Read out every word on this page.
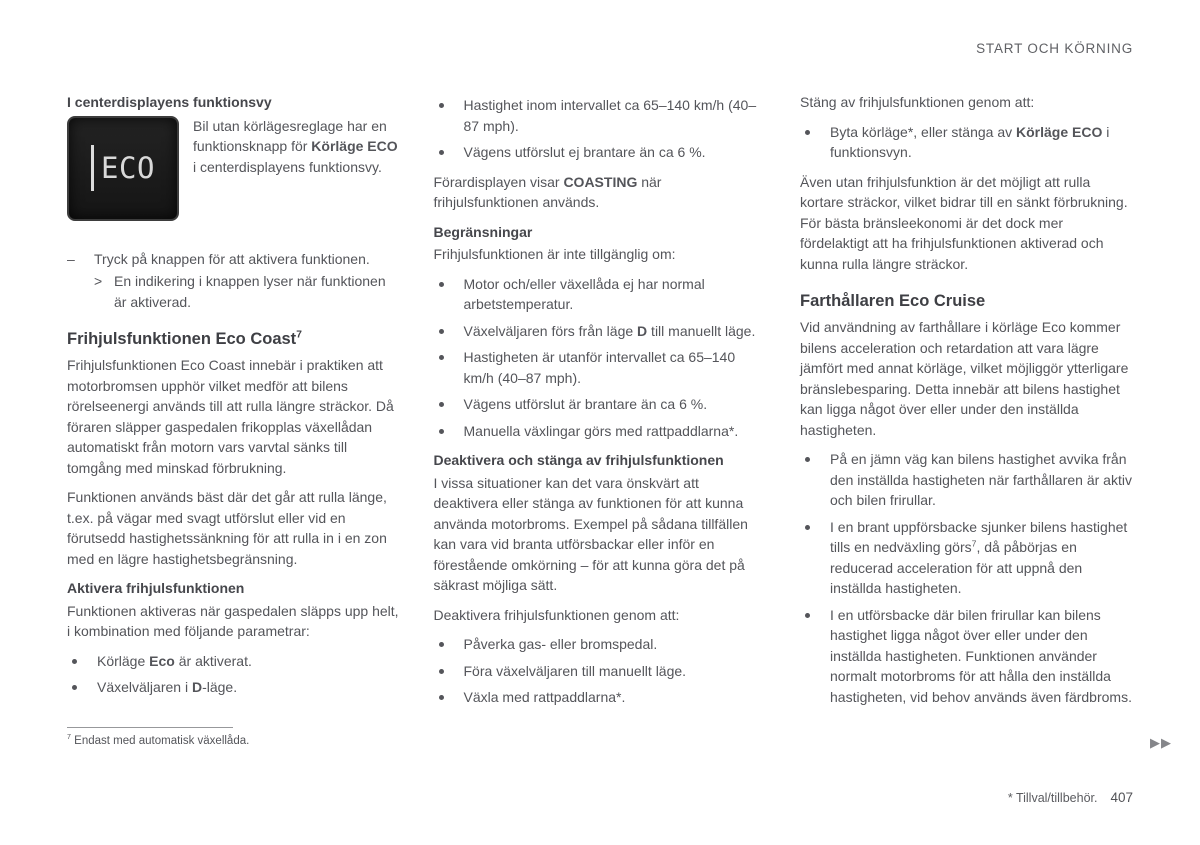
START OCH KÖRNING
I centerdisplayens funktionsvy
ECO
Bil utan körlägesreglage har en funktionsknapp för Körläge ECO i centerdisplayens funktionsvy.
–	Tryck på knappen för att aktivera funktionen.
> En indikering i knappen lyser när funktionen är aktiverad.
Frihjulsfunktionen Eco Coast$^7$

Frihjulsfunktionen Eco Coast innebär i praktiken att motorbromsen upphör vilket medför att bilens rörelseenergi används till att rulla längre sträckor. Då föraren släpper gaspedalen frikopplas växellådan automatiskt från motorn vars varvtal sänks till tomgång med minskad förbrukning.

Funktionen används bäst där det går att rulla länge, t.ex. på vägar med svagt utförslut eller vid en förutsedd hastighetssänkning för att rulla in i en zon med en lägre hastighetsbegränsning.

Aktivera frihjulsfunktionen

Funktionen aktiveras när gaspedalen släpps upp helt, i kombination med följande parametrar:

Körläge Eco är aktiverat.
Växelväljaren i D-läge.
Hastighet inom intervallet ca 65–140 km/h (40–87 mph).
Vägens utförslut ej brantare än ca 6 %.

Förardisplayen visar COASTING när frihjulsfunktionen används.

Begränsningar

Frihjulsfunktionen är inte tillgänglig om:

Motor och/eller växellåda ej har normal arbetstemperatur.
Växelväljaren förs från läge D till manuellt läge.
Hastigheten är utanför intervallet ca 65–140 km/h (40–87 mph).
Vägens utförslut är brantare än ca 6 %.
Manuella växlingar görs med rattpaddlarna*.
Deaktivera och stänga av frihjulsfunktionen

I vissa situationer kan det vara önskvärt att deaktivera eller stänga av funktionen för att kunna använda motorbroms. Exempel på sådana tillfällen kan vara vid branta utförsbackar eller inför en förestående omkörning – för att kunna göra det på säkrast möjliga sätt.

Deaktivera frihjulsfunktionen genom att:

Påverka gas- eller bromspedal.
Föra växelväljaren till manuellt läge.
Växla med rattpaddlarna*.

Stäng av frihjulsfunktionen genom att:

Byta körläge*, eller stänga av Körläge ECO i funktionsvyn.

Även utan frihjulsfunktion är det möjligt att rulla kortare sträckor, vilket bidrar till en sänkt förbrukning. För bästa bränsleekonomi är det dock mer fördelaktigt att ha frihjulsfunktionen aktiverad och kunna rulla längre sträckor.

Farthållaren Eco Cruise

Vid användning av farthållare i körläge Eco kommer bilens acceleration och retardation att vara lägre jämfört med annat körläge, vilket möjliggör ytterligare bränslebesparing. Detta innebär att bilens hastighet kan ligga något över eller under den inställda hastigheten.

På en jämn väg kan bilens hastighet avvika från den inställda hastigheten när farthållaren är aktiv och bilen frirullar.
I en brant uppförsbacke sjunker bilens hastighet tills en nedväxling görs$^7$, då påbörjas en reducerad acceleration för att uppnå den inställda hastigheten.
I en utförsbacke där bilen frirullar kan bilens hastighet ligga något över eller under den inställda hastigheten. Funktionen använder normalt motorbroms för att hålla den inställda hastigheten, vid behov används även färdbroms.
$^7$ Endast med automatisk växellåda.	▶▶
* Tillval/tillbehör. 407
